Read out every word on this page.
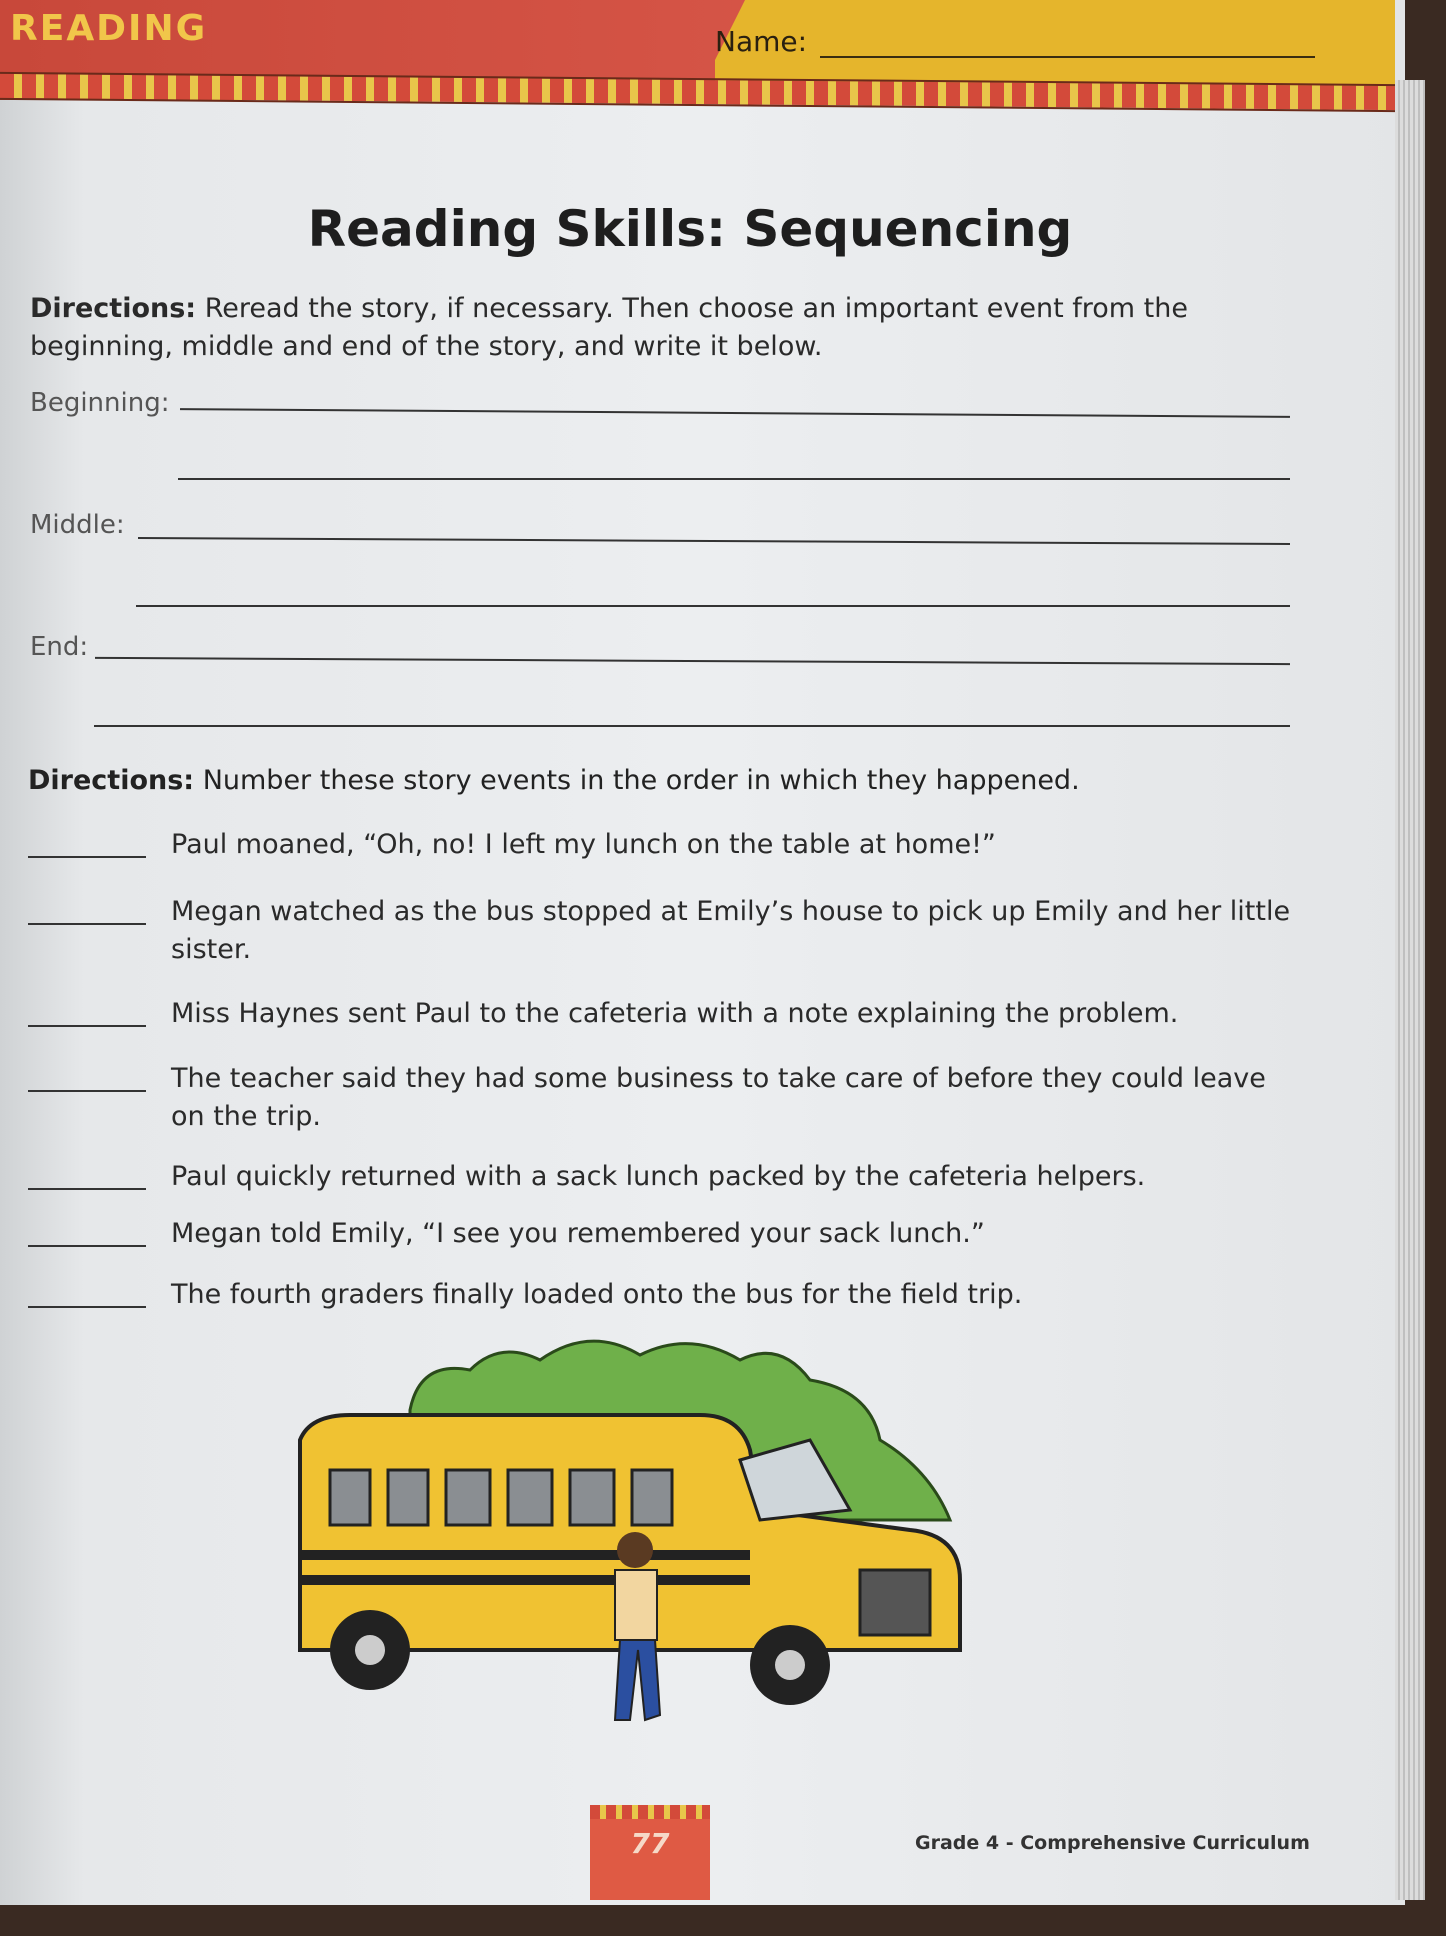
READING	Name:
Reading Skills: Sequencing
Directions: Reread the story, if necessary. Then choose an important event from the beginning, middle and end of the story, and write it below.
Beginning:
Middle:
End:
Directions: Number these story events in the order in which they happened.
Paul moaned, “Oh, no! I left my lunch on the table at home!”
Megan watched as the bus stopped at Emily’s house to pick up Emily and her little sister.
Miss Haynes sent Paul to the cafeteria with a note explaining the problem.
The teacher said they had some business to take care of before they could leave on the trip.
Paul quickly returned with a sack lunch packed by the cafeteria helpers.
Megan told Emily, “I see you remembered your sack lunch.”
The fourth graders finally loaded onto the bus for the field trip.
77	Grade 4 - Comprehensive Curriculum
